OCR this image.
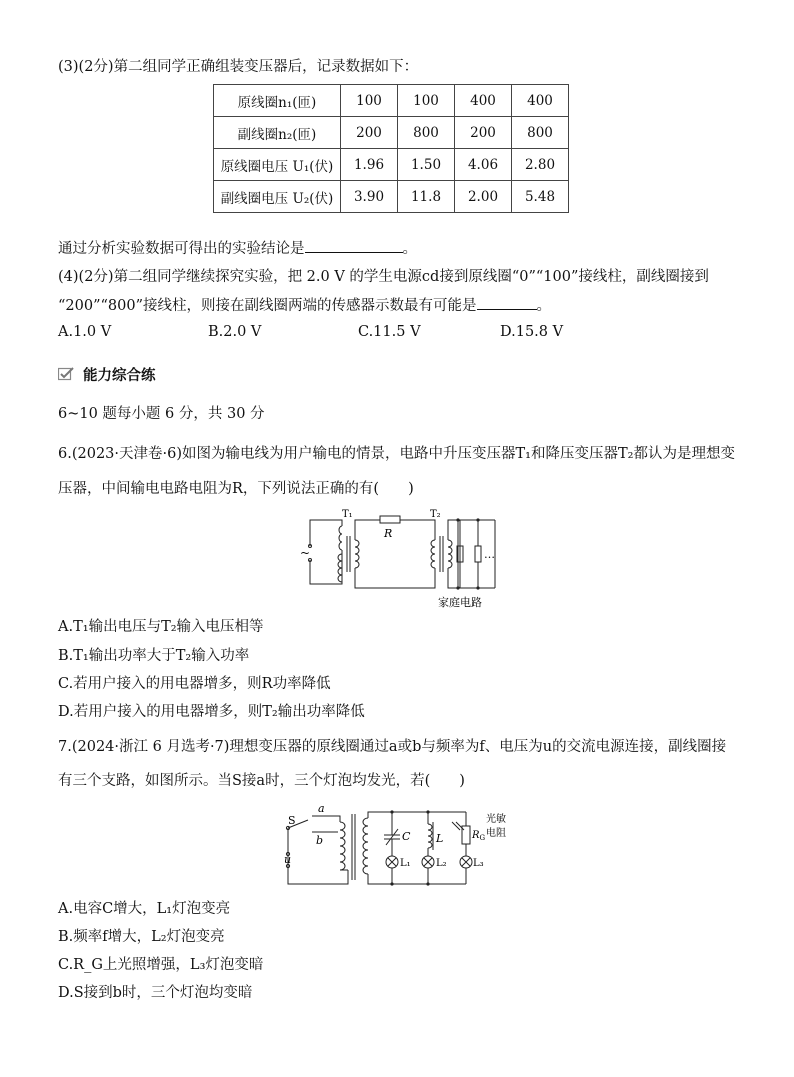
(3)(2分)第二组同学正确组装变压器后，记录数据如下：
原线圈n₁(匝)	100	100	400	400
副线圈n₂(匝)	200	800	200	800
原线圈电压 U₁(伏)	1.96	1.50	4.06	2.80
副线圈电压 U₂(伏)	3.90	11.8	2.00	5.48
通过分析实验数据可得出的实验结论是	。
(4)(2分)第二组同学继续探究实验，把 2.0 V 的学生电源cd接到原线圈“0”“100”接线柱，副线圈接到
“200”“800”接线柱，则接在副线圈两端的传感器示数最有可能是	。
A.1.0 V	B.2.0 V	C.11.5 V	D.15.8 V
能力综合练
6~10 题每小题 6 分，共 30 分
6.(2023·天津卷·6)如图为输电线为用户输电的情景，电路中升压变压器T₁和降压变压器T₂都认为是理想变
压器，中间输电电路电阻为R，下列说法正确的有(　　)
~
T₁
R
T₂
…
家庭电路
A.T₁输出电压与T₂输入电压相等
B.T₁输出功率大于T₂输入功率
C.若用户接入的用电器增多，则R功率降低
D.若用户接入的用电器增多，则T₂输出功率降低
7.(2024·浙江 6 月选考·7)理想变压器的原线圈通过a或b与频率为f、电压为u的交流电源连接，副线圈接
有三个支路，如图所示。当S接a时，三个灯泡均发光，若(　　)
S
a
b
u
C L	$R_G$
光敏
电阻
L₁	L₂	L₃
A.电容C增大，L₁灯泡变亮
B.频率f增大，L₂灯泡变亮
C.R_G上光照增强，L₃灯泡变暗
D.S接到b时，三个灯泡均变暗
